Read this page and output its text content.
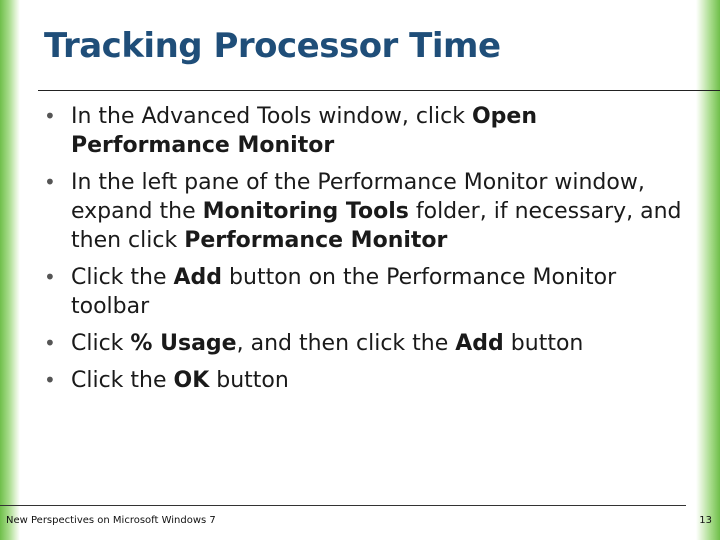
Tracking Processor Time
• In the Advanced Tools window, click Open Performance Monitor
• In the left pane of the Performance Monitor window, expand the Monitoring Tools folder, if necessary, and then click Performance Monitor
• Click the Add button on the Performance Monitor toolbar
• Click % Usage, and then click the Add button
• Click the OK button
New Perspectives on Microsoft Windows 7	13
